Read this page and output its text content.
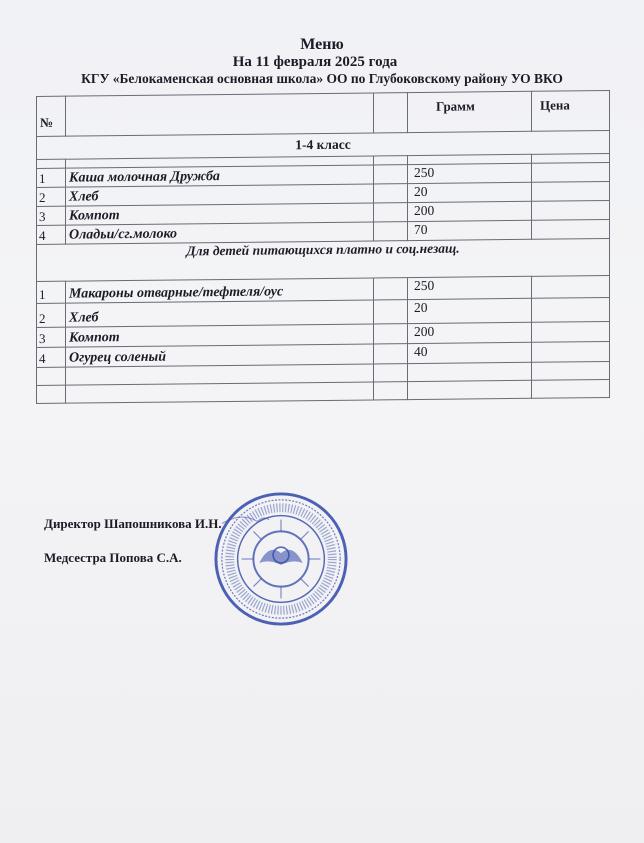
Меню
На 11 февраля 2025 года
КГУ «Белокаменская основная школа» ОО по Глубоковскому району УО ВКО
№			Грамм	Цена
1-4 класс				

1	Каша молочная Дружба		250	
2	Хлеб		20	
3	Компот		200	
4	Оладьи/сг.молоко		70	
Для детей питающихся платно и соц.незащ.				
1	Макароны отварные/тефтеля/оус		250	
2	Хлеб		20	
3	Компот		200	
4	Огурец соленый		40	

Директор Шапошникова И.Н.
Медсестра Попова С.А.
